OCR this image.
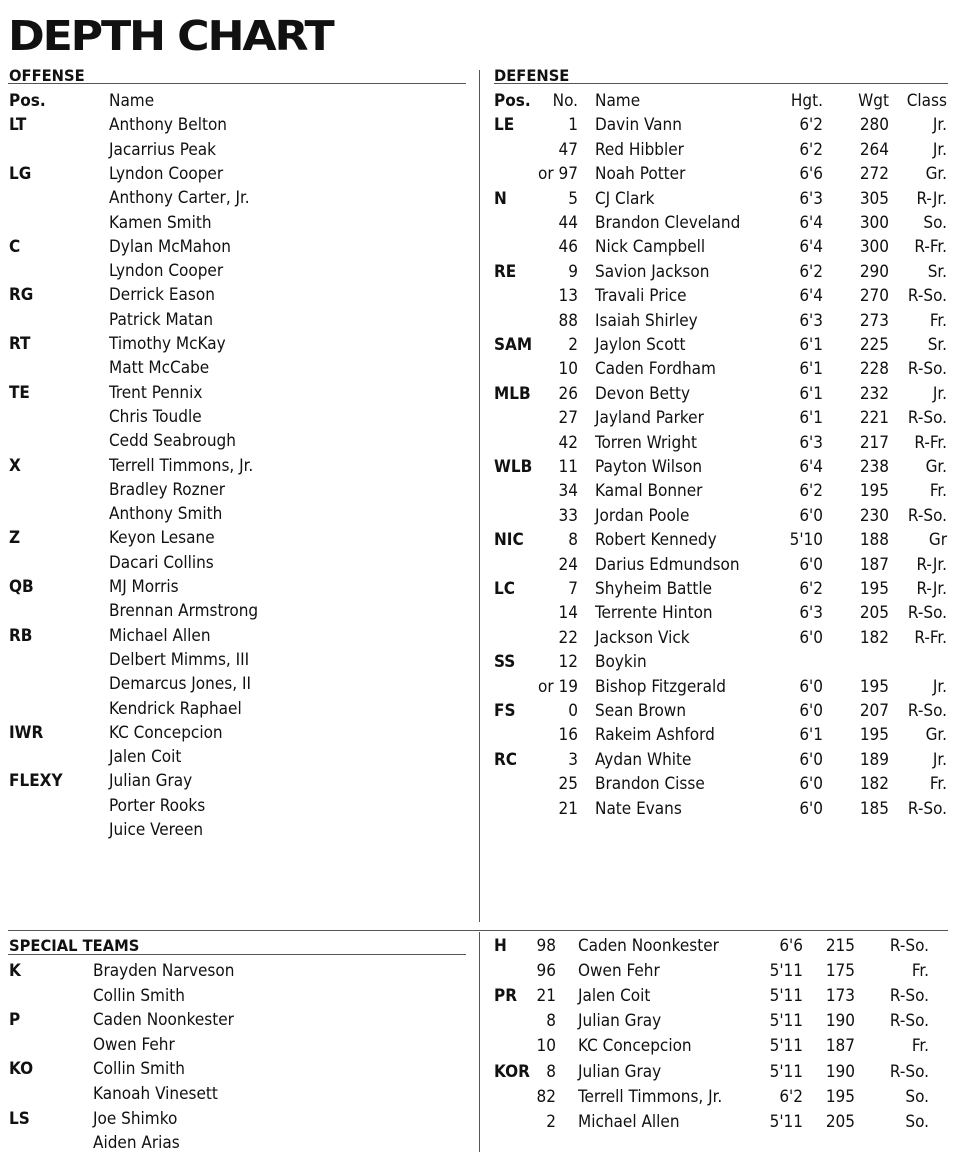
DEPTH CHART
OFFENSE
Pos.	Name
LT	Anthony Belton
Jacarrius Peak
LG	Lyndon Cooper
Anthony Carter, Jr.
Kamen Smith
C	Dylan McMahon
Lyndon Cooper
RG	Derrick Eason
Patrick Matan
RT	Timothy McKay
Matt McCabe
TE	Trent Pennix
Chris Toudle
Cedd Seabrough
X	Terrell Timmons, Jr.
Bradley Rozner
Anthony Smith
Z	Keyon Lesane
Dacari Collins
QB	MJ Morris
Brennan Armstrong
RB	Michael Allen
Delbert Mimms, III
Demarcus Jones, II
Kendrick Raphael
IWR	KC Concepcion
Jalen Coit
FLEXY	Julian Gray
Porter Rooks
Juice Vereen
DEFENSE
Pos. No. Name	Hgt. Wgt Class
LE	1 Davin Vann	6'2 280	Jr.
47 Red Hibbler	6'2 264	Jr.
or 97 Noah Potter	6'6 272 Gr.
N	5 CJ Clark	6'3 305 R-Jr.
44 Brandon Cleveland	6'4 300 So.
46 Nick Campbell	6'4 300 R-Fr.
RE	9 Savion Jackson	6'2 290 Sr.
13 Travali Price	6'4 270 R-So.
88 Isaiah Shirley	6'3 273 Fr.
SAM 2 Jaylon Scott	6'1 225 Sr.
10 Caden Fordham	6'1 228 R-So.
MLB 26 Devon Betty	6'1 232	Jr.
27 Jayland Parker	6'1 221 R-So.
42 Torren Wright	6'3 217 R-Fr.
WLB 11 Payton Wilson	6'4 238 Gr.
34 Kamal Bonner	6'2 195 Fr.
33 Jordan Poole	6'0 230 R-So.
NIC	8 Robert Kennedy	5'10 188 Gr
24 Darius Edmundson	6'0 187 R-Jr.
LC	7 Shyheim Battle	6'2 195 R-Jr.
14 Terrente Hinton	6'3 205 R-So.
22 Jackson Vick	6'0 182 R-Fr.
SS	12 Boykin
or 19 Bishop Fitzgerald	6'0 195	Jr.
FS	0 Sean Brown	6'0 207 R-So.
16 Rakeim Ashford	6'1 195 Gr.
RC	3 Aydan White	6'0 189	Jr.
25 Brandon Cisse	6'0 182 Fr.
21 Nate Evans	6'0 185 R-So.
SPECIAL TEAMS
K	Brayden Narveson
Collin Smith
P	Caden Noonkester
Owen Fehr
KO	Collin Smith
Kanoah Vinesett
LS	Joe Shimko
Aiden Arias
H 98 Caden Noonkester	6'6 215 R-So.
96 Owen Fehr	5'11 175	Fr.
PR 21 Jalen Coit	5'11 173 R-So.
8 Julian Gray	5'11 190 R-So.
10 KC Concepcion	5'11 187	Fr.
KOR 8 Julian Gray	5'11 190 R-So.
82 Terrell Timmons, Jr.	6'2 195	So.
2 Michael Allen	5'11 205	So.
